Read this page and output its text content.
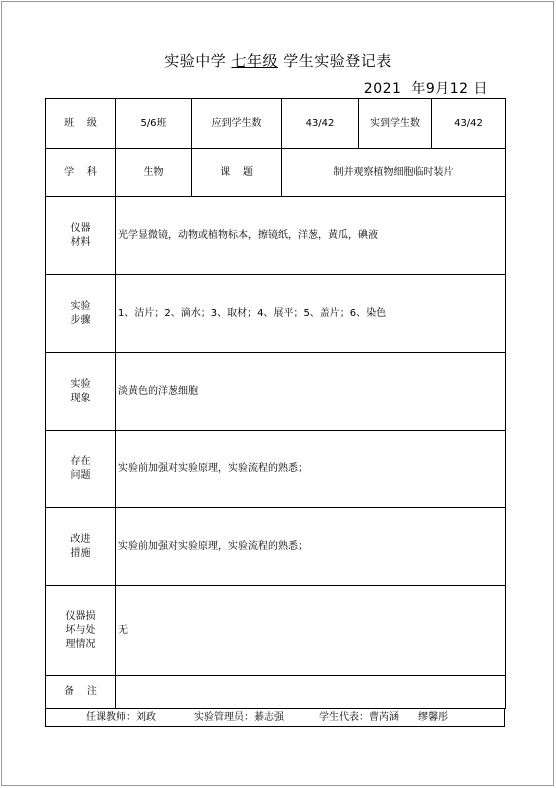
实验中学 七年级 学生实验登记表
2021  年9月12 日
班    级	5/6班	应到学生数	43/42	实到学生数	43/42
学    科	生物	课    题	制并观察植物细胞临时装片		
仪器
材料	光学显微镜，动物或植物标本，擦镜纸，洋葱，黄瓜，碘液				
实验
步骤	1、洁片；2、滴水；3、取材；4、展平；5、盖片；6、染色				
实验
现象	淡黄色的洋葱细胞				
存在
问题	实验前加强对实验原理，实验流程的熟悉；				
改进
措施	实验前加强对实验原理，实验流程的熟悉；				
仪器损
坏与处
理情况	无				
备    注					
任课教师：刘政	实验管理员：綦志强	学生代表：曹芮涵      缪馨彤
